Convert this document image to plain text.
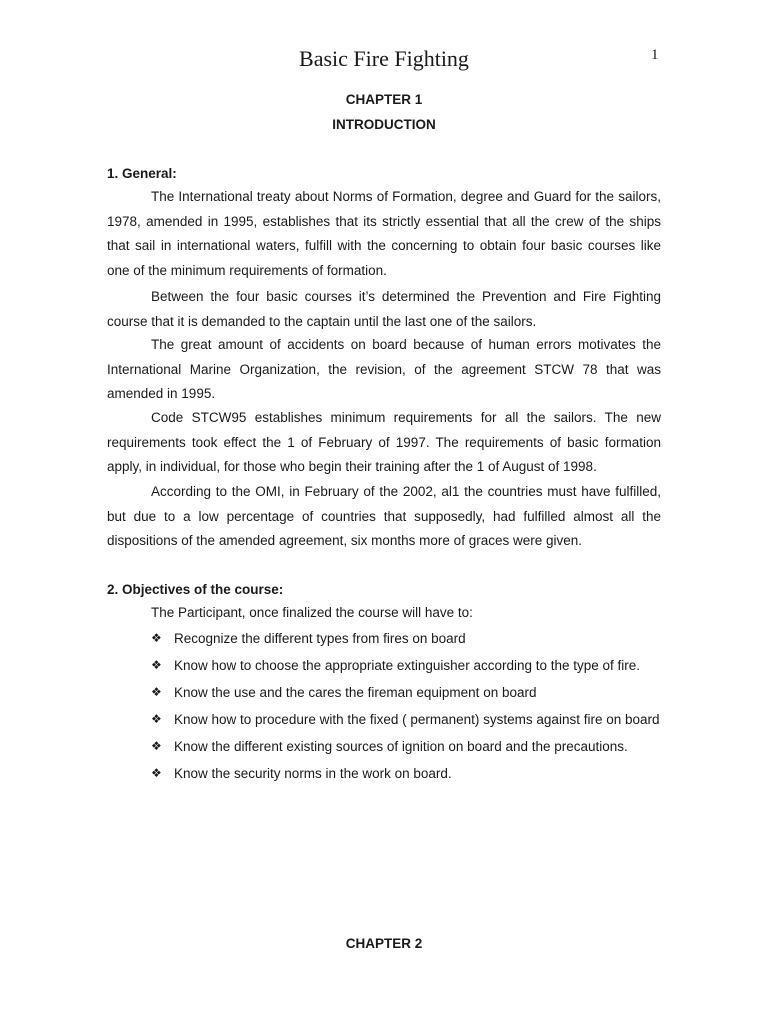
Basic Fire Fighting	1
CHAPTER 1
INTRODUCTION
1. General:

The International treaty about Norms of Formation, degree and Guard for the sailors, 1978, amended in 1995, establishes that its strictly essential that all the crew of the ships that sail in international waters, fulfill with the concerning to obtain four basic courses like one of the minimum requirements of formation.

Between the four basic courses it’s determined the Prevention and Fire Fighting course that it is demanded to the captain until the last one of the sailors.

The great amount of accidents on board because of human errors motivates the International Marine Organization, the revision, of the agreement STCW 78 that was amended in 1995.

Code STCW95 establishes minimum requirements for all the sailors. The new requirements took effect the 1 of February of 1997. The requirements of basic formation apply, in individual, for those who begin their training after the 1 of August of 1998.

According to the OMI, in February of the 2002, al1 the countries must have fulfilled, but due to a low percentage of countries that supposedly, had fulfilled almost all the dispositions of the amended agreement, six months more of graces were given.

2. Objectives of the course:
The Participant, once finalized the course will have to:
❖ Recognize the different types from fires on board
❖ Know how to choose the appropriate extinguisher according to the type of fire.
❖ Know the use and the cares the fireman equipment on board
❖ Know how to procedure with the fixed ( permanent) systems against fire on board
❖ Know the different existing sources of ignition on board and the precautions.
❖ Know the security norms in the work on board.
CHAPTER 2
